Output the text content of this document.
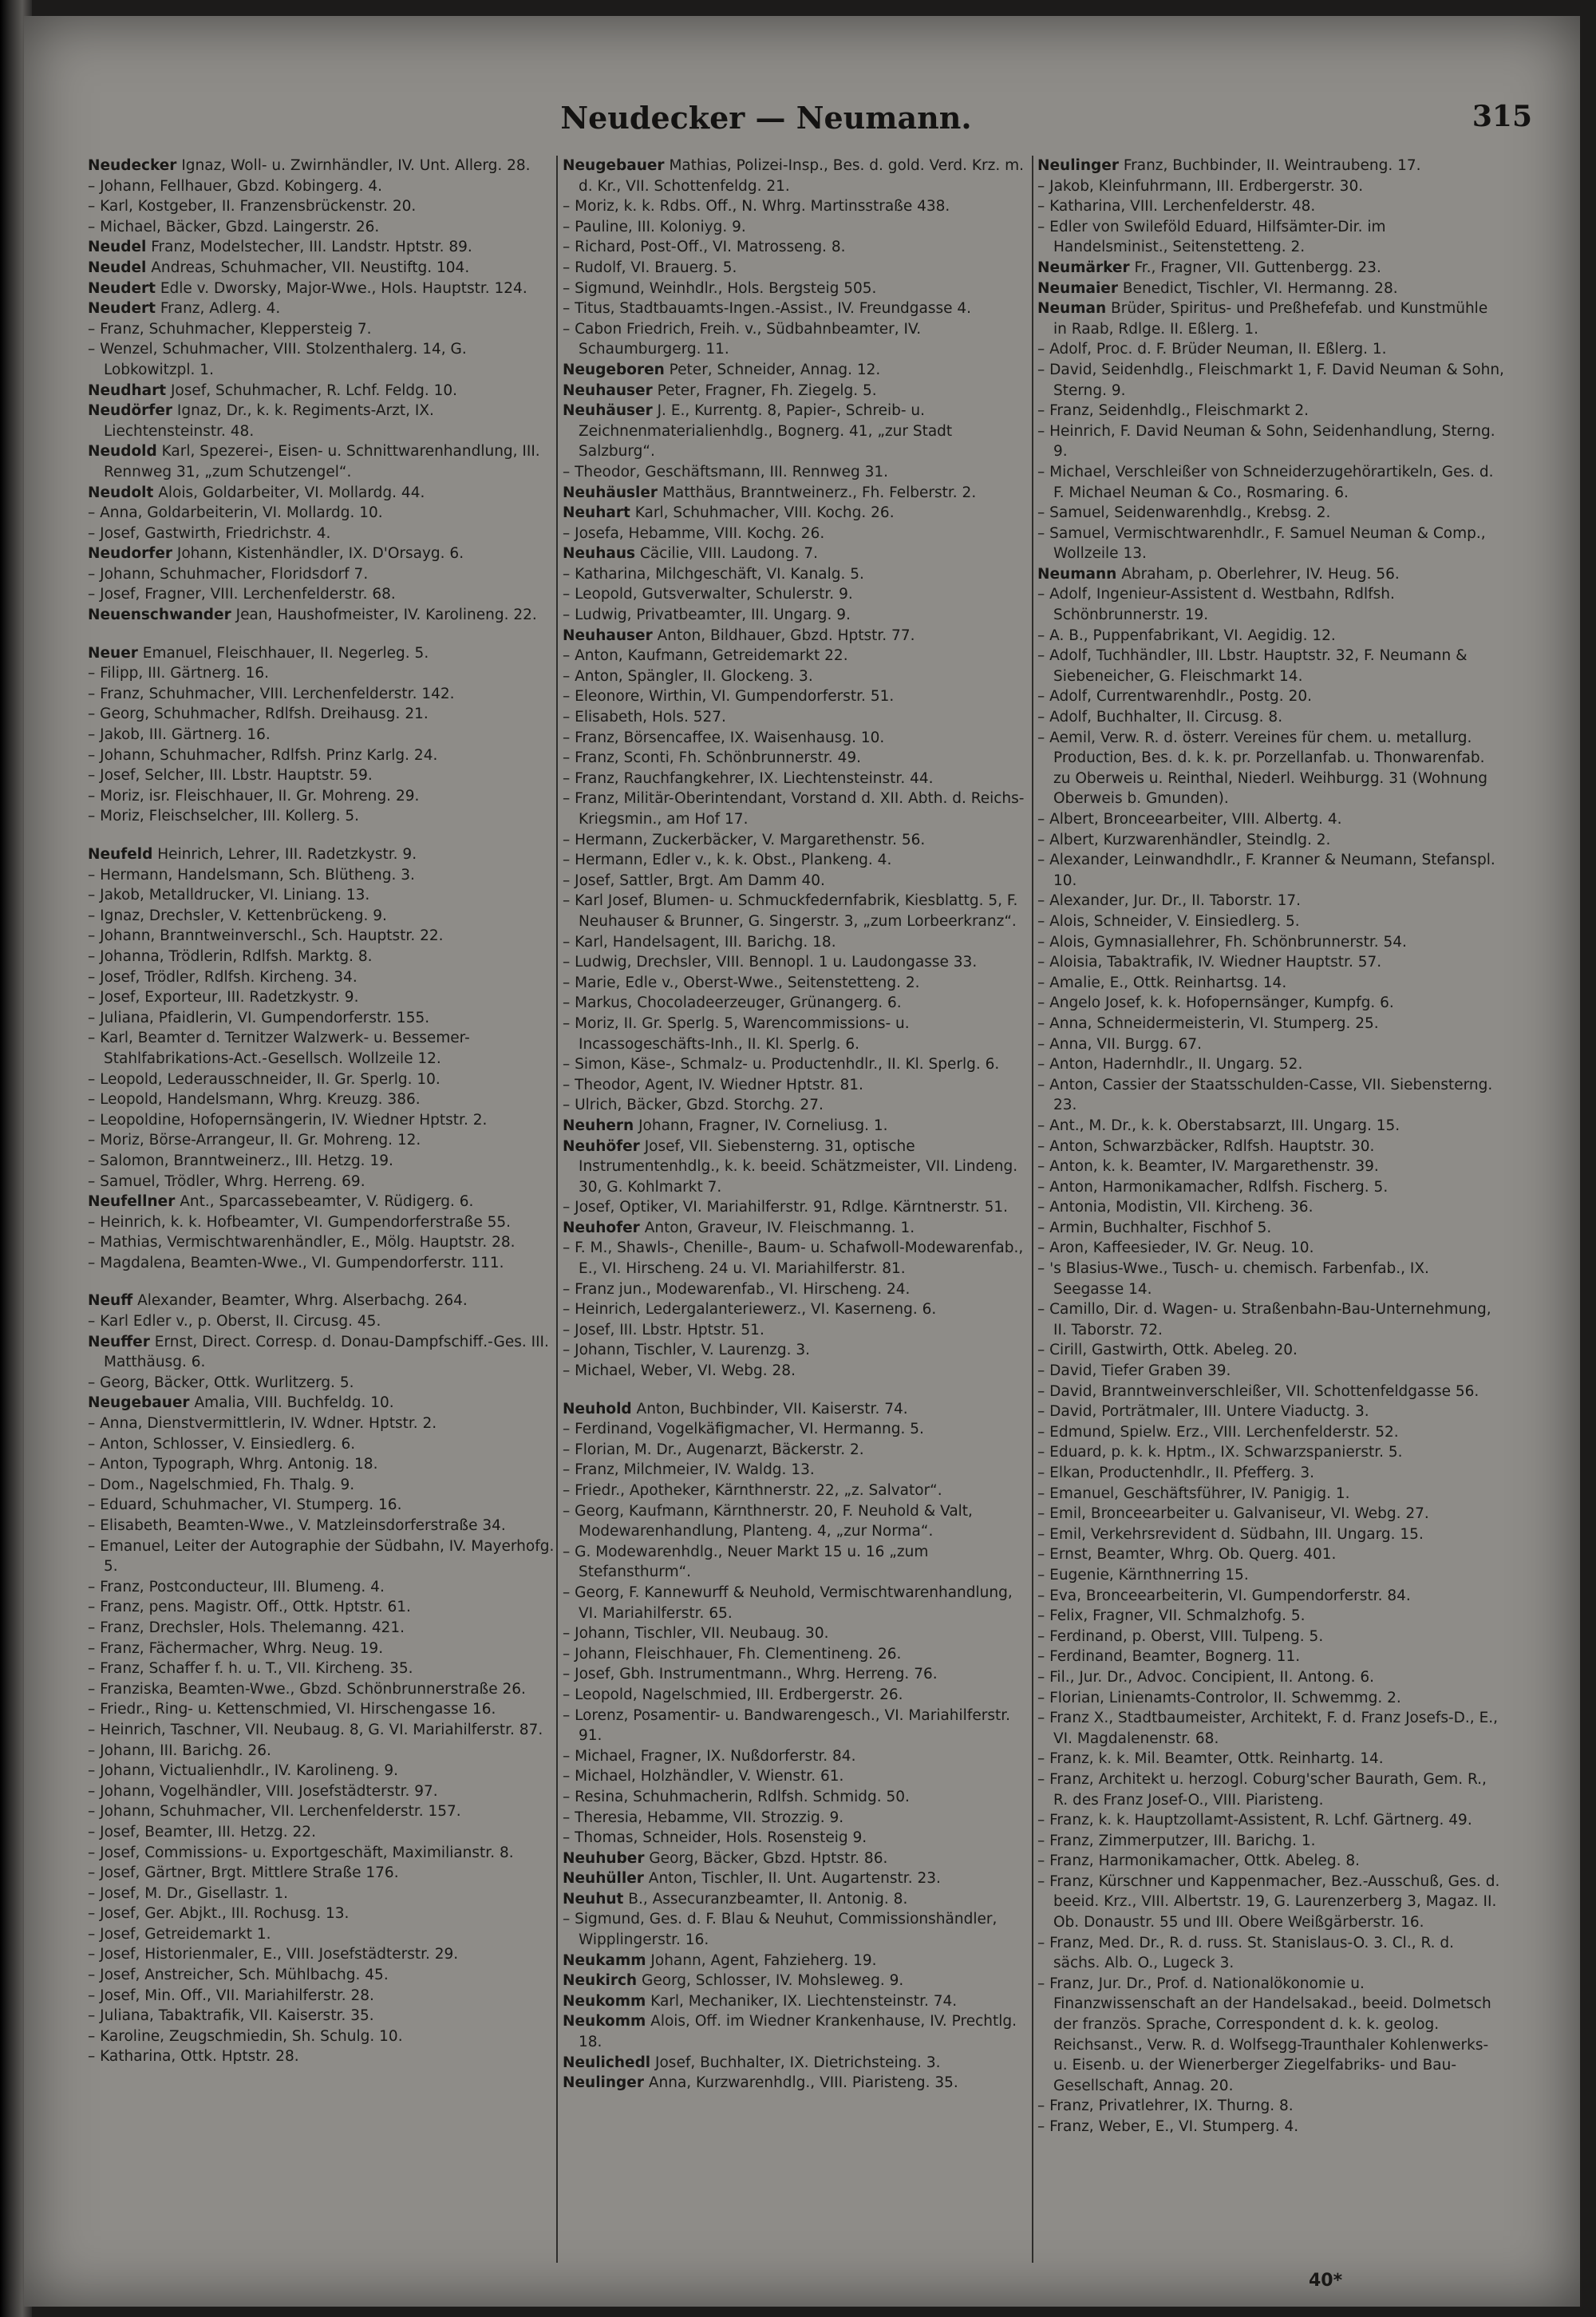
Neudecker — Neumann.	315

Neudecker Ignaz, Woll- u. Zwirnhändler, IV. Unt. Allerg. 28.

– Johann, Fellhauer, Gbzd. Kobingerg. 4.

– Karl, Kostgeber, II. Franzensbrückenstr. 20.

– Michael, Bäcker, Gbzd. Laingerstr. 26.

Neudel Franz, Modelstecher, III. Landstr. Hptstr. 89.

Neudel Andreas, Schuhmacher, VII. Neustiftg. 104.

Neudert Edle v. Dworsky, Major-Wwe., Hols. Hauptstr. 124.

Neudert Franz, Adlerg. 4.

– Franz, Schuhmacher, Kleppersteig 7.

– Wenzel, Schuhmacher, VIII. Stolzenthalerg. 14, G. Lobkowitzpl. 1.

Neudhart Josef, Schuhmacher, R. Lchf. Feldg. 10.

Neudörfer Ignaz, Dr., k. k. Regiments-Arzt, IX. Liechtensteinstr. 48.

Neudold Karl, Spezerei-, Eisen- u. Schnittwarenhandlung, III. Rennweg 31, „zum Schutzengel“.

Neudolt Alois, Goldarbeiter, VI. Mollardg. 44.

– Anna, Goldarbeiterin, VI. Mollardg. 10.

– Josef, Gastwirth, Friedrichstr. 4.

Neudorfer Johann, Kistenhändler, IX. D'Orsayg. 6.

– Johann, Schuhmacher, Floridsdorf 7.

– Josef, Fragner, VIII. Lerchenfelderstr. 68.

Neuenschwander Jean, Haushofmeister, IV. Karolineng. 22.

Neuer Emanuel, Fleischhauer, II. Negerleg. 5.

– Filipp, III. Gärtnerg. 16.

– Franz, Schuhmacher, VIII. Lerchenfelderstr. 142.

– Georg, Schuhmacher, Rdlfsh. Dreihausg. 21.

– Jakob, III. Gärtnerg. 16.

– Johann, Schuhmacher, Rdlfsh. Prinz Karlg. 24.

– Josef, Selcher, III. Lbstr. Hauptstr. 59.

– Moriz, isr. Fleischhauer, II. Gr. Mohreng. 29.

– Moriz, Fleischselcher, III. Kollerg. 5.

Neufeld Heinrich, Lehrer, III. Radetzkystr. 9.

– Hermann, Handelsmann, Sch. Blütheng. 3.

– Jakob, Metalldrucker, VI. Liniang. 13.

– Ignaz, Drechsler, V. Kettenbrückeng. 9.

– Johann, Branntweinverschl., Sch. Hauptstr. 22.

– Johanna, Trödlerin, Rdlfsh. Marktg. 8.

– Josef, Trödler, Rdlfsh. Kircheng. 34.

– Josef, Exporteur, III. Radetzkystr. 9.

– Juliana, Pfaidlerin, VI. Gumpendorferstr. 155.

– Karl, Beamter d. Ternitzer Walzwerk- u. Bessemer-Stahlfabrikations-Act.-Gesellsch. Wollzeile 12.

– Leopold, Lederausschneider, II. Gr. Sperlg. 10.

– Leopold, Handelsmann, Whrg. Kreuzg. 386.

– Leopoldine, Hofopernsängerin, IV. Wiedner Hptstr. 2.

– Moriz, Börse-Arrangeur, II. Gr. Mohreng. 12.

– Salomon, Branntweinerz., III. Hetzg. 19.

– Samuel, Trödler, Whrg. Herreng. 69.

Neufellner Ant., Sparcassebeamter, V. Rüdigerg. 6.

– Heinrich, k. k. Hofbeamter, VI. Gumpendorferstraße 55.

– Mathias, Vermischtwarenhändler, E., Mölg. Hauptstr. 28.

– Magdalena, Beamten-Wwe., VI. Gumpendorferstr. 111.

Neuff Alexander, Beamter, Whrg. Alserbachg. 264.

– Karl Edler v., p. Oberst, II. Circusg. 45.

Neuffer Ernst, Direct. Corresp. d. Donau-Dampfschiff.-Ges. III. Matthäusg. 6.

– Georg, Bäcker, Ottk. Wurlitzerg. 5.

Neugebauer Amalia, VIII. Buchfeldg. 10.

– Anna, Dienstvermittlerin, IV. Wdner. Hptstr. 2.

– Anton, Schlosser, V. Einsiedlerg. 6.

– Anton, Typograph, Whrg. Antonig. 18.

– Dom., Nagelschmied, Fh. Thalg. 9.

– Eduard, Schuhmacher, VI. Stumperg. 16.

– Elisabeth, Beamten-Wwe., V. Matzleinsdorferstraße 34.

– Emanuel, Leiter der Autographie der Südbahn, IV. Mayerhofg. 5.

– Franz, Postconducteur, III. Blumeng. 4.

– Franz, pens. Magistr. Off., Ottk. Hptstr. 61.

– Franz, Drechsler, Hols. Thelemanng. 421.

– Franz, Fächermacher, Whrg. Neug. 19.

– Franz, Schaffer f. h. u. T., VII. Kircheng. 35.

– Franziska, Beamten-Wwe., Gbzd. Schönbrunnerstraße 26.

– Friedr., Ring- u. Kettenschmied, VI. Hirschengasse 16.

– Heinrich, Taschner, VII. Neubaug. 8, G. VI. Mariahilferstr. 87.

– Johann, III. Barichg. 26.

– Johann, Victualienhdlr., IV. Karolineng. 9.

– Johann, Vogelhändler, VIII. Josefstädterstr. 97.

– Johann, Schuhmacher, VII. Lerchenfelderstr. 157.

– Josef, Beamter, III. Hetzg. 22.

– Josef, Commissions- u. Exportgeschäft, Maximilianstr. 8.

– Josef, Gärtner, Brgt. Mittlere Straße 176.

– Josef, M. Dr., Gisellastr. 1.

– Josef, Ger. Abjkt., III. Rochusg. 13.

– Josef, Getreidemarkt 1.

– Josef, Historienmaler, E., VIII. Josefstädterstr. 29.

– Josef, Anstreicher, Sch. Mühlbachg. 45.

– Josef, Min. Off., VII. Mariahilferstr. 28.

– Juliana, Tabaktrafik, VII. Kaiserstr. 35.

– Karoline, Zeugschmiedin, Sh. Schulg. 10.

– Katharina, Ottk. Hptstr. 28.

Neugebauer Mathias, Polizei-Insp., Bes. d. gold. Verd. Krz. m. d. Kr., VII. Schottenfeldg. 21.

– Moriz, k. k. Rdbs. Off., N. Whrg. Martinsstraße 438.

– Pauline, III. Koloniyg. 9.

– Richard, Post-Off., VI. Matrosseng. 8.

– Rudolf, VI. Brauerg. 5.

– Sigmund, Weinhdlr., Hols. Bergsteig 505.

– Titus, Stadtbauamts-Ingen.-Assist., IV. Freundgasse 4.

– Cabon Friedrich, Freih. v., Südbahnbeamter, IV. Schaumburgerg. 11.

Neugeboren Peter, Schneider, Annag. 12.

Neuhauser Peter, Fragner, Fh. Ziegelg. 5.

Neuhäuser J. E., Kurrentg. 8, Papier-, Schreib- u. Zeichnenmaterialienhdlg., Bognerg. 41, „zur Stadt Salzburg“.

– Theodor, Geschäftsmann, III. Rennweg 31.

Neuhäusler Matthäus, Branntweinerz., Fh. Felberstr. 2.

Neuhart Karl, Schuhmacher, VIII. Kochg. 26.

– Josefa, Hebamme, VIII. Kochg. 26.

Neuhaus Cäcilie, VIII. Laudong. 7.

– Katharina, Milchgeschäft, VI. Kanalg. 5.

– Leopold, Gutsverwalter, Schulerstr. 9.

– Ludwig, Privatbeamter, III. Ungarg. 9.

Neuhauser Anton, Bildhauer, Gbzd. Hptstr. 77.

– Anton, Kaufmann, Getreidemarkt 22.

– Anton, Spängler, II. Glockeng. 3.

– Eleonore, Wirthin, VI. Gumpendorferstr. 51.

– Elisabeth, Hols. 527.

– Franz, Börsencaffee, IX. Waisenhausg. 10.

– Franz, Sconti, Fh. Schönbrunnerstr. 49.

– Franz, Rauchfangkehrer, IX. Liechtensteinstr. 44.

– Franz, Militär-Oberintendant, Vorstand d. XII. Abth. d. Reichs-Kriegsmin., am Hof 17.

– Hermann, Zuckerbäcker, V. Margarethenstr. 56.

– Hermann, Edler v., k. k. Obst., Plankeng. 4.

– Josef, Sattler, Brgt. Am Damm 40.

– Karl Josef, Blumen- u. Schmuckfedernfabrik, Kiesblattg. 5, F. Neuhauser & Brunner, G. Singerstr. 3, „zum Lorbeerkranz“.

– Karl, Handelsagent, III. Barichg. 18.

– Ludwig, Drechsler, VIII. Bennopl. 1 u. Laudongasse 33.

– Marie, Edle v., Oberst-Wwe., Seitenstetteng. 2.

– Markus, Chocoladeerzeuger, Grünangerg. 6.

– Moriz, II. Gr. Sperlg. 5, Warencommissions- u. Incassogeschäfts-Inh., II. Kl. Sperlg. 6.

– Simon, Käse-, Schmalz- u. Productenhdlr., II. Kl. Sperlg. 6.

– Theodor, Agent, IV. Wiedner Hptstr. 81.

– Ulrich, Bäcker, Gbzd. Storchg. 27.

Neuhern Johann, Fragner, IV. Corneliusg. 1.

Neuhöfer Josef, VII. Siebensterng. 31, optische Instrumentenhdlg., k. k. beeid. Schätzmeister, VII. Lindeng. 30, G. Kohlmarkt 7.

– Josef, Optiker, VI. Mariahilferstr. 91, Rdlge. Kärntnerstr. 51.

Neuhofer Anton, Graveur, IV. Fleischmanng. 1.

– F. M., Shawls-, Chenille-, Baum- u. Schafwoll-Modewarenfab., E., VI. Hirscheng. 24 u. VI. Mariahilferstr. 81.

– Franz jun., Modewarenfab., VI. Hirscheng. 24.

– Heinrich, Ledergalanteriewerz., VI. Kaserneng. 6.

– Josef, III. Lbstr. Hptstr. 51.

– Johann, Tischler, V. Laurenzg. 3.

– Michael, Weber, VI. Webg. 28.

Neuhold Anton, Buchbinder, VII. Kaiserstr. 74.

– Ferdinand, Vogelkäfigmacher, VI. Hermanng. 5.

– Florian, M. Dr., Augenarzt, Bäckerstr. 2.

– Franz, Milchmeier, IV. Waldg. 13.

– Friedr., Apotheker, Kärnthnerstr. 22, „z. Salvator“.

– Georg, Kaufmann, Kärnthnerstr. 20, F. Neuhold & Valt, Modewarenhandlung, Planteng. 4, „zur Norma“.

– G. Modewarenhdlg., Neuer Markt 15 u. 16 „zum Stefansthurm“.

– Georg, F. Kannewurff & Neuhold, Vermischtwarenhandlung, VI. Mariahilferstr. 65.

– Johann, Tischler, VII. Neubaug. 30.

– Johann, Fleischhauer, Fh. Clementineng. 26.

– Josef, Gbh. Instrumentmann., Whrg. Herreng. 76.

– Leopold, Nagelschmied, III. Erdbergerstr. 26.

– Lorenz, Posamentir- u. Bandwarengesch., VI. Mariahilferstr. 91.

– Michael, Fragner, IX. Nußdorferstr. 84.

– Michael, Holzhändler, V. Wienstr. 61.

– Resina, Schuhmacherin, Rdlfsh. Schmidg. 50.

– Theresia, Hebamme, VII. Strozzig. 9.

– Thomas, Schneider, Hols. Rosensteig 9.

Neuhuber Georg, Bäcker, Gbzd. Hptstr. 86.

Neuhüller Anton, Tischler, II. Unt. Augartenstr. 23.

Neuhut B., Assecuranzbeamter, II. Antonig. 8.

– Sigmund, Ges. d. F. Blau & Neuhut, Commissionshändler, Wipplingerstr. 16.

Neukamm Johann, Agent, Fahzieherg. 19.

Neukirch Georg, Schlosser, IV. Mohsleweg. 9.

Neukomm Karl, Mechaniker, IX. Liechtensteinstr. 74.

Neukomm Alois, Off. im Wiedner Krankenhause, IV. Prechtlg. 18.

Neulichedl Josef, Buchhalter, IX. Dietrichsteing. 3.

Neulinger Anna, Kurzwarenhdlg., VIII. Piaristeng. 35.

Neulinger Franz, Buchbinder, II. Weintraubeng. 17.

– Jakob, Kleinfuhrmann, III. Erdbergerstr. 30.

– Katharina, VIII. Lerchenfelderstr. 48.

– Edler von Swileföld Eduard, Hilfsämter-Dir. im Handelsminist., Seitenstetteng. 2.

Neumärker Fr., Fragner, VII. Guttenbergg. 23.

Neumaier Benedict, Tischler, VI. Hermanng. 28.

Neuman Brüder, Spiritus- und Preßhefefab. und Kunstmühle in Raab, Rdlge. II. Eßlerg. 1.

– Adolf, Proc. d. F. Brüder Neuman, II. Eßlerg. 1.

– David, Seidenhdlg., Fleischmarkt 1, F. David Neuman & Sohn, Sterng. 9.

– Franz, Seidenhdlg., Fleischmarkt 2.

– Heinrich, F. David Neuman & Sohn, Seidenhandlung, Sterng. 9.

– Michael, Verschleißer von Schneiderzugehörartikeln, Ges. d. F. Michael Neuman & Co., Rosmaring. 6.

– Samuel, Seidenwarenhdlg., Krebsg. 2.

– Samuel, Vermischtwarenhdlr., F. Samuel Neuman & Comp., Wollzeile 13.

Neumann Abraham, p. Oberlehrer, IV. Heug. 56.

– Adolf, Ingenieur-Assistent d. Westbahn, Rdlfsh. Schönbrunnerstr. 19.

– A. B., Puppenfabrikant, VI. Aegidig. 12.

– Adolf, Tuchhändler, III. Lbstr. Hauptstr. 32, F. Neumann & Siebeneicher, G. Fleischmarkt 14.

– Adolf, Currentwarenhdlr., Postg. 20.

– Adolf, Buchhalter, II. Circusg. 8.

– Aemil, Verw. R. d. österr. Vereines für chem. u. metallurg. Production, Bes. d. k. k. pr. Porzellanfab. u. Thonwarenfab. zu Oberweis u. Reinthal, Niederl. Weihburgg. 31 (Wohnung Oberweis b. Gmunden).

– Albert, Bronceearbeiter, VIII. Albertg. 4.

– Albert, Kurzwarenhändler, Steindlg. 2.

– Alexander, Leinwandhdlr., F. Kranner & Neumann, Stefanspl. 10.

– Alexander, Jur. Dr., II. Taborstr. 17.

– Alois, Schneider, V. Einsiedlerg. 5.

– Alois, Gymnasiallehrer, Fh. Schönbrunnerstr. 54.

– Aloisia, Tabaktrafik, IV. Wiedner Hauptstr. 57.

– Amalie, E., Ottk. Reinhartsg. 14.

– Angelo Josef, k. k. Hofopernsänger, Kumpfg. 6.

– Anna, Schneidermeisterin, VI. Stumperg. 25.

– Anna, VII. Burgg. 67.

– Anton, Hadernhdlr., II. Ungarg. 52.

– Anton, Cassier der Staatsschulden-Casse, VII. Siebensterng. 23.

– Ant., M. Dr., k. k. Oberstabsarzt, III. Ungarg. 15.

– Anton, Schwarzbäcker, Rdlfsh. Hauptstr. 30.

– Anton, k. k. Beamter, IV. Margarethenstr. 39.

– Anton, Harmonikamacher, Rdlfsh. Fischerg. 5.

– Antonia, Modistin, VII. Kircheng. 36.

– Armin, Buchhalter, Fischhof 5.

– Aron, Kaffeesieder, IV. Gr. Neug. 10.

– 's Blasius-Wwe., Tusch- u. chemisch. Farbenfab., IX. Seegasse 14.

– Camillo, Dir. d. Wagen- u. Straßenbahn-Bau-Unternehmung, II. Taborstr. 72.

– Cirill, Gastwirth, Ottk. Abeleg. 20.

– David, Tiefer Graben 39.

– David, Branntweinverschleißer, VII. Schottenfeldgasse 56.

– David, Porträtmaler, III. Untere Viaductg. 3.

– Edmund, Spielw. Erz., VIII. Lerchenfelderstr. 52.

– Eduard, p. k. k. Hptm., IX. Schwarzspanierstr. 5.

– Elkan, Productenhdlr., II. Pfefferg. 3.

– Emanuel, Geschäftsführer, IV. Panigig. 1.

– Emil, Bronceearbeiter u. Galvaniseur, VI. Webg. 27.

– Emil, Verkehrsrevident d. Südbahn, III. Ungarg. 15.

– Ernst, Beamter, Whrg. Ob. Querg. 401.

– Eugenie, Kärnthnerring 15.

– Eva, Bronceearbeiterin, VI. Gumpendorferstr. 84.

– Felix, Fragner, VII. Schmalzhofg. 5.

– Ferdinand, p. Oberst, VIII. Tulpeng. 5.

– Ferdinand, Beamter, Bognerg. 11.

– Fil., Jur. Dr., Advoc. Concipient, II. Antong. 6.

– Florian, Linienamts-Controlor, II. Schwemmg. 2.

– Franz X., Stadtbaumeister, Architekt, F. d. Franz Josefs-D., E., VI. Magdalenenstr. 68.

– Franz, k. k. Mil. Beamter, Ottk. Reinhartg. 14.

– Franz, Architekt u. herzogl. Coburg'scher Baurath, Gem. R., R. des Franz Josef-O., VIII. Piaristeng.

– Franz, k. k. Hauptzollamt-Assistent, R. Lchf. Gärtnerg. 49.

– Franz, Zimmerputzer, III. Barichg. 1.

– Franz, Harmonikamacher, Ottk. Abeleg. 8.

– Franz, Kürschner und Kappenmacher, Bez.-Ausschuß, Ges. d. beeid. Krz., VIII. Albertstr. 19, G. Laurenzerberg 3, Magaz. II. Ob. Donaustr. 55 und III. Obere Weißgärberstr. 16.

– Franz, Med. Dr., R. d. russ. St. Stanislaus-O. 3. Cl., R. d. sächs. Alb. O., Lugeck 3.

– Franz, Jur. Dr., Prof. d. Nationalökonomie u. Finanzwissenschaft an der Handelsakad., beeid. Dolmetsch der französ. Sprache, Correspondent d. k. k. geolog. Reichsanst., Verw. R. d. Wolfsegg-Traunthaler Kohlenwerks- u. Eisenb. u. der Wienerberger Ziegelfabriks- und Bau-Gesellschaft, Annag. 20.

– Franz, Privatlehrer, IX. Thurng. 8.

– Franz, Weber, E., VI. Stumperg. 4.

40*
